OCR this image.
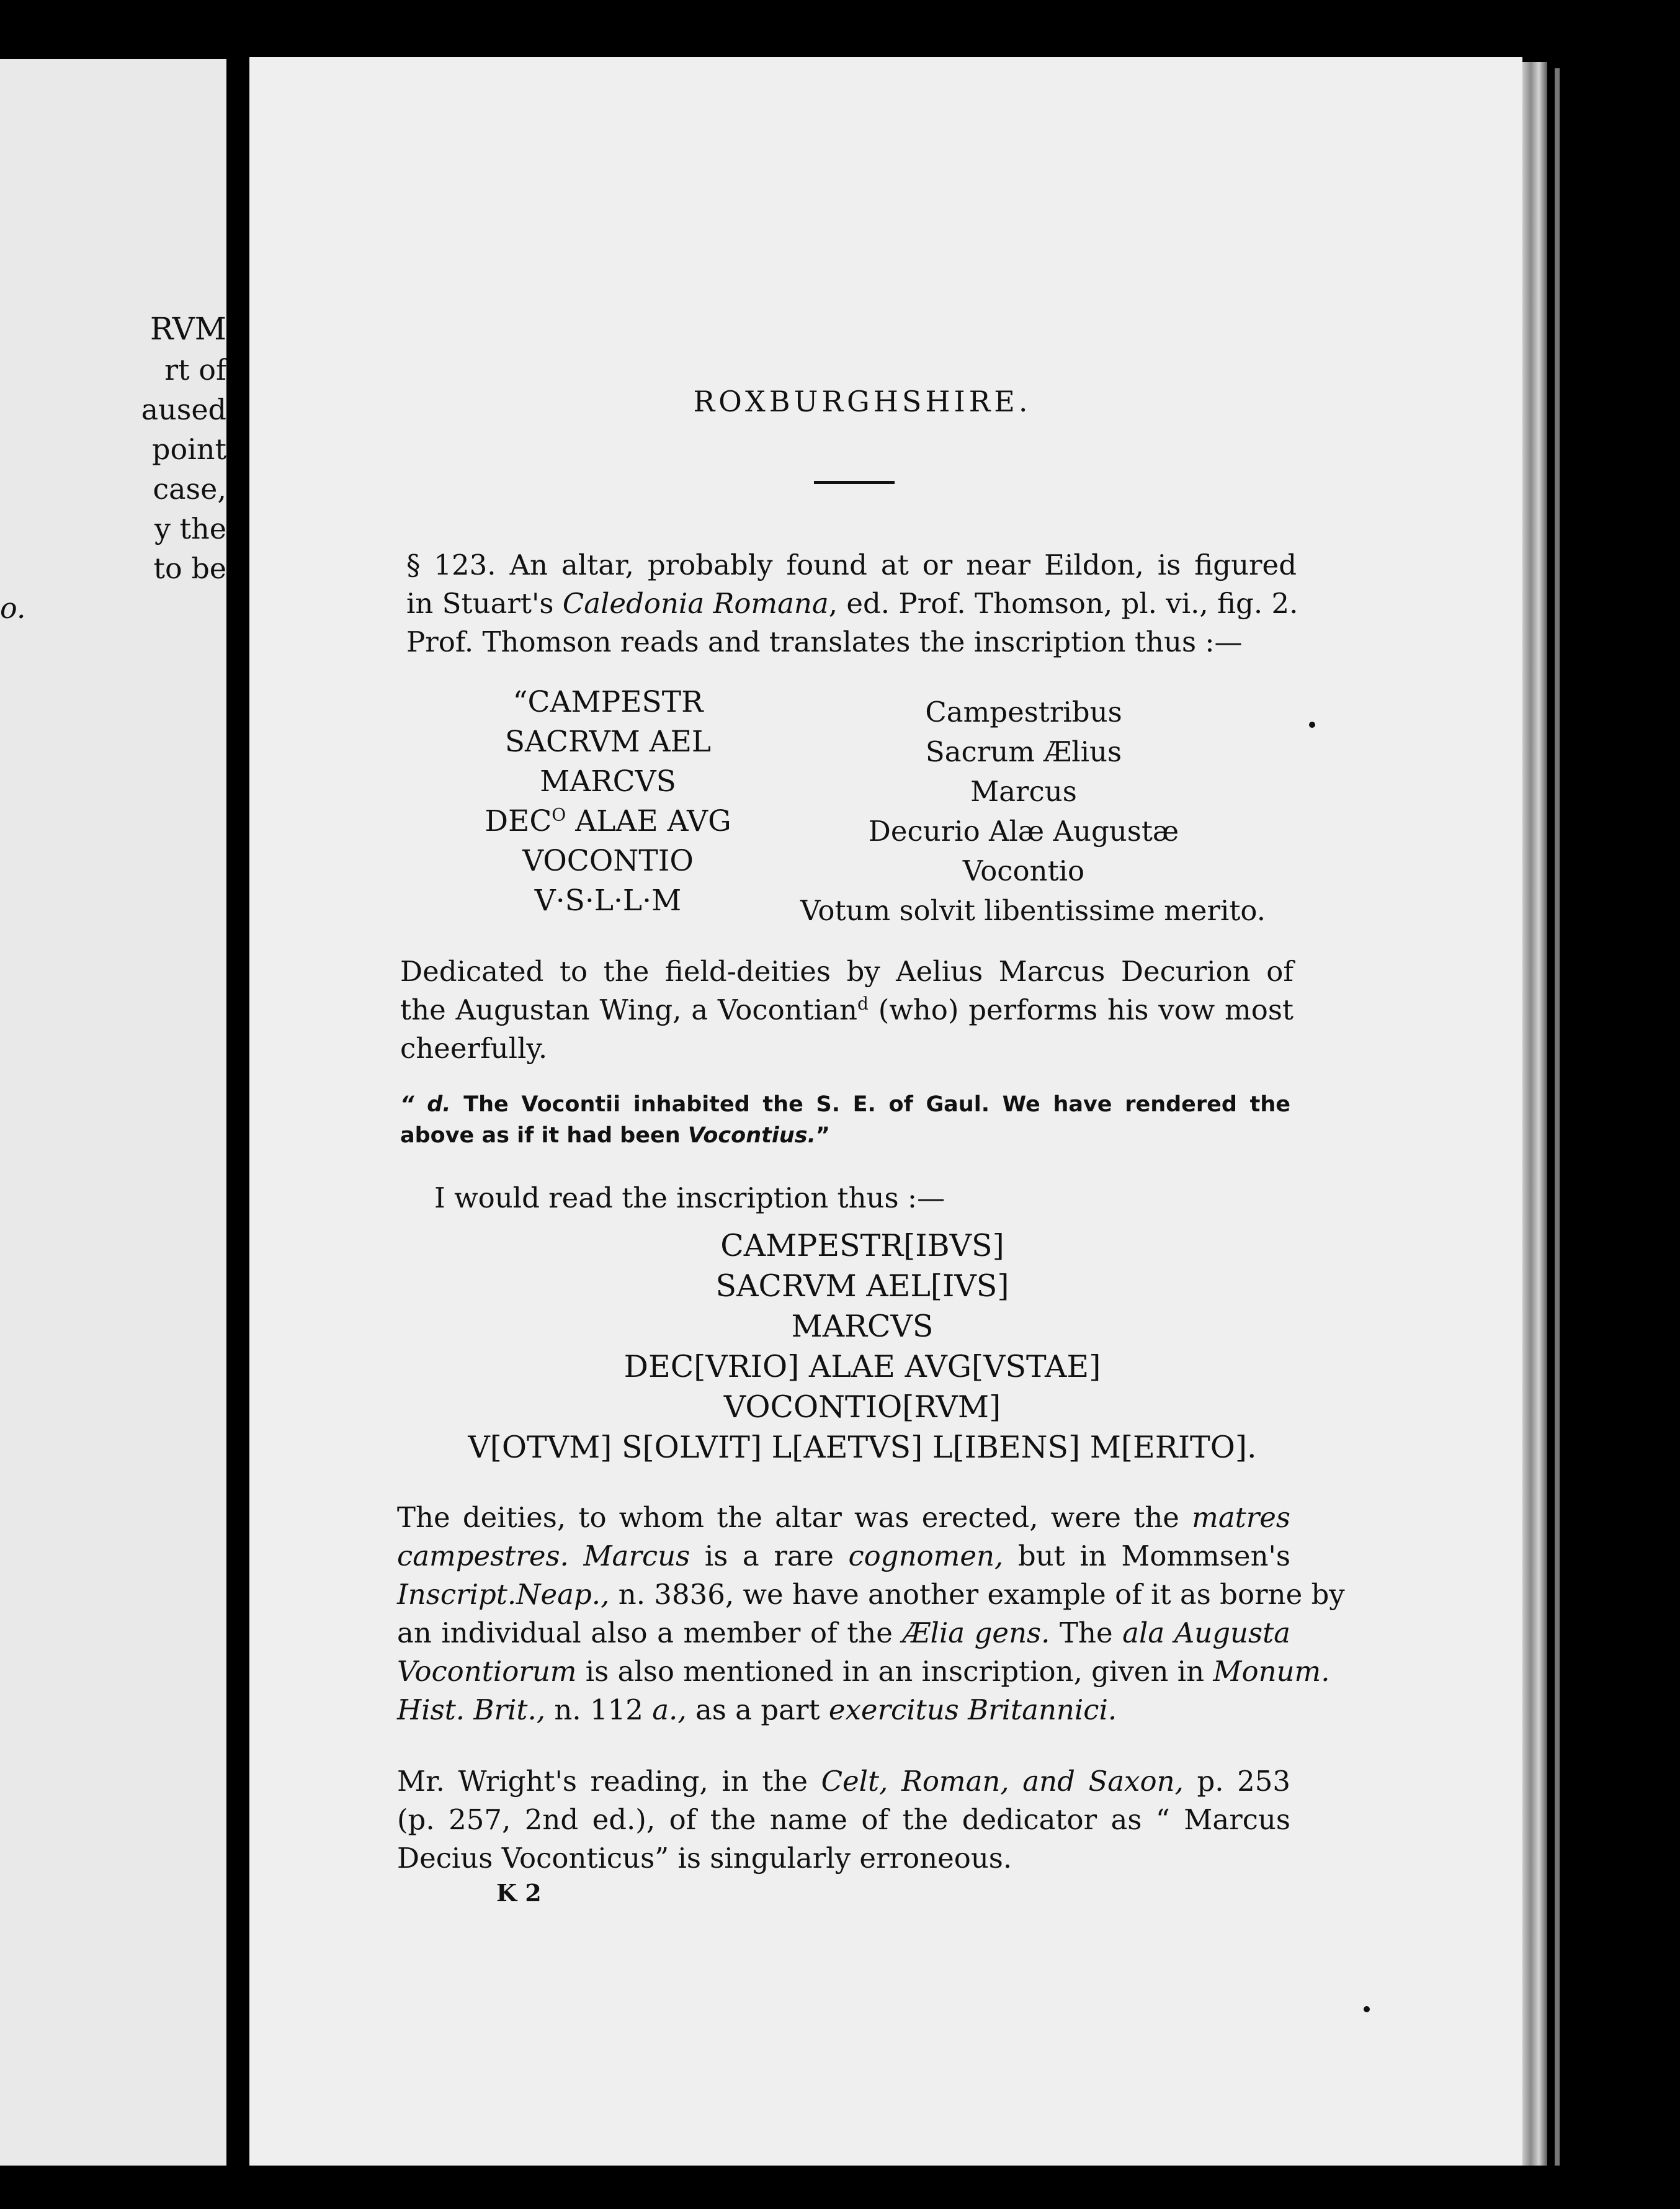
RVM
rt of
aused
point
case,
y the
to be
o.
ROXBURGHSHIRE.
§ 123. An altar, probably found at or near Eildon, is figured
in Stuart's Caledonia Romana, ed. Prof. Thomson, pl. vi., fig. 2.
Prof. Thomson reads and translates the inscription thus :—
“CAMPESTR
SACRVM AEL
MARCVS
$DEC^O$ ALAE AVG
VOCONTIO
V·S·L·L·M
Campestribus
Sacrum Ælius
Marcus
Decurio Alæ Augustæ
Vocontio
Votum solvit libentissime merito.
Dedicated to the field-deities by Aelius Marcus Decurion of
the Augustan Wing, a Vocontian$^d$ (who) performs his vow most
cheerfully.
“ d. The Vocontii inhabited the S. E. of Gaul. We have rendered the
above as if it had been Vocontius.”
I would read the inscription thus :—
CAMPESTR[IBVS]
SACRVM AEL[IVS]
MARCVS
DEC[VRIO] ALAE AVG[VSTAE]
VOCONTIO[RVM]
V[OTVM] S[OLVIT] L[AETVS] L[IBENS] M[ERITO].
The deities, to whom the altar was erected, were the matres
campestres. Marcus is a rare cognomen, but in Mommsen's
Inscript.Neap., n. 3836, we have another example of it as borne by
an individual also a member of the Ælia gens. The ala Augusta
Vocontiorum is also mentioned in an inscription, given in Monum.
Hist. Brit., n. 112 a., as a part exercitus Britannici.
Mr. Wright's reading, in the Celt, Roman, and Saxon, p. 253
(p. 257, 2nd ed.), of the name of the dedicator as “ Marcus
Decius Voconticus” is singularly erroneous.
K 2
